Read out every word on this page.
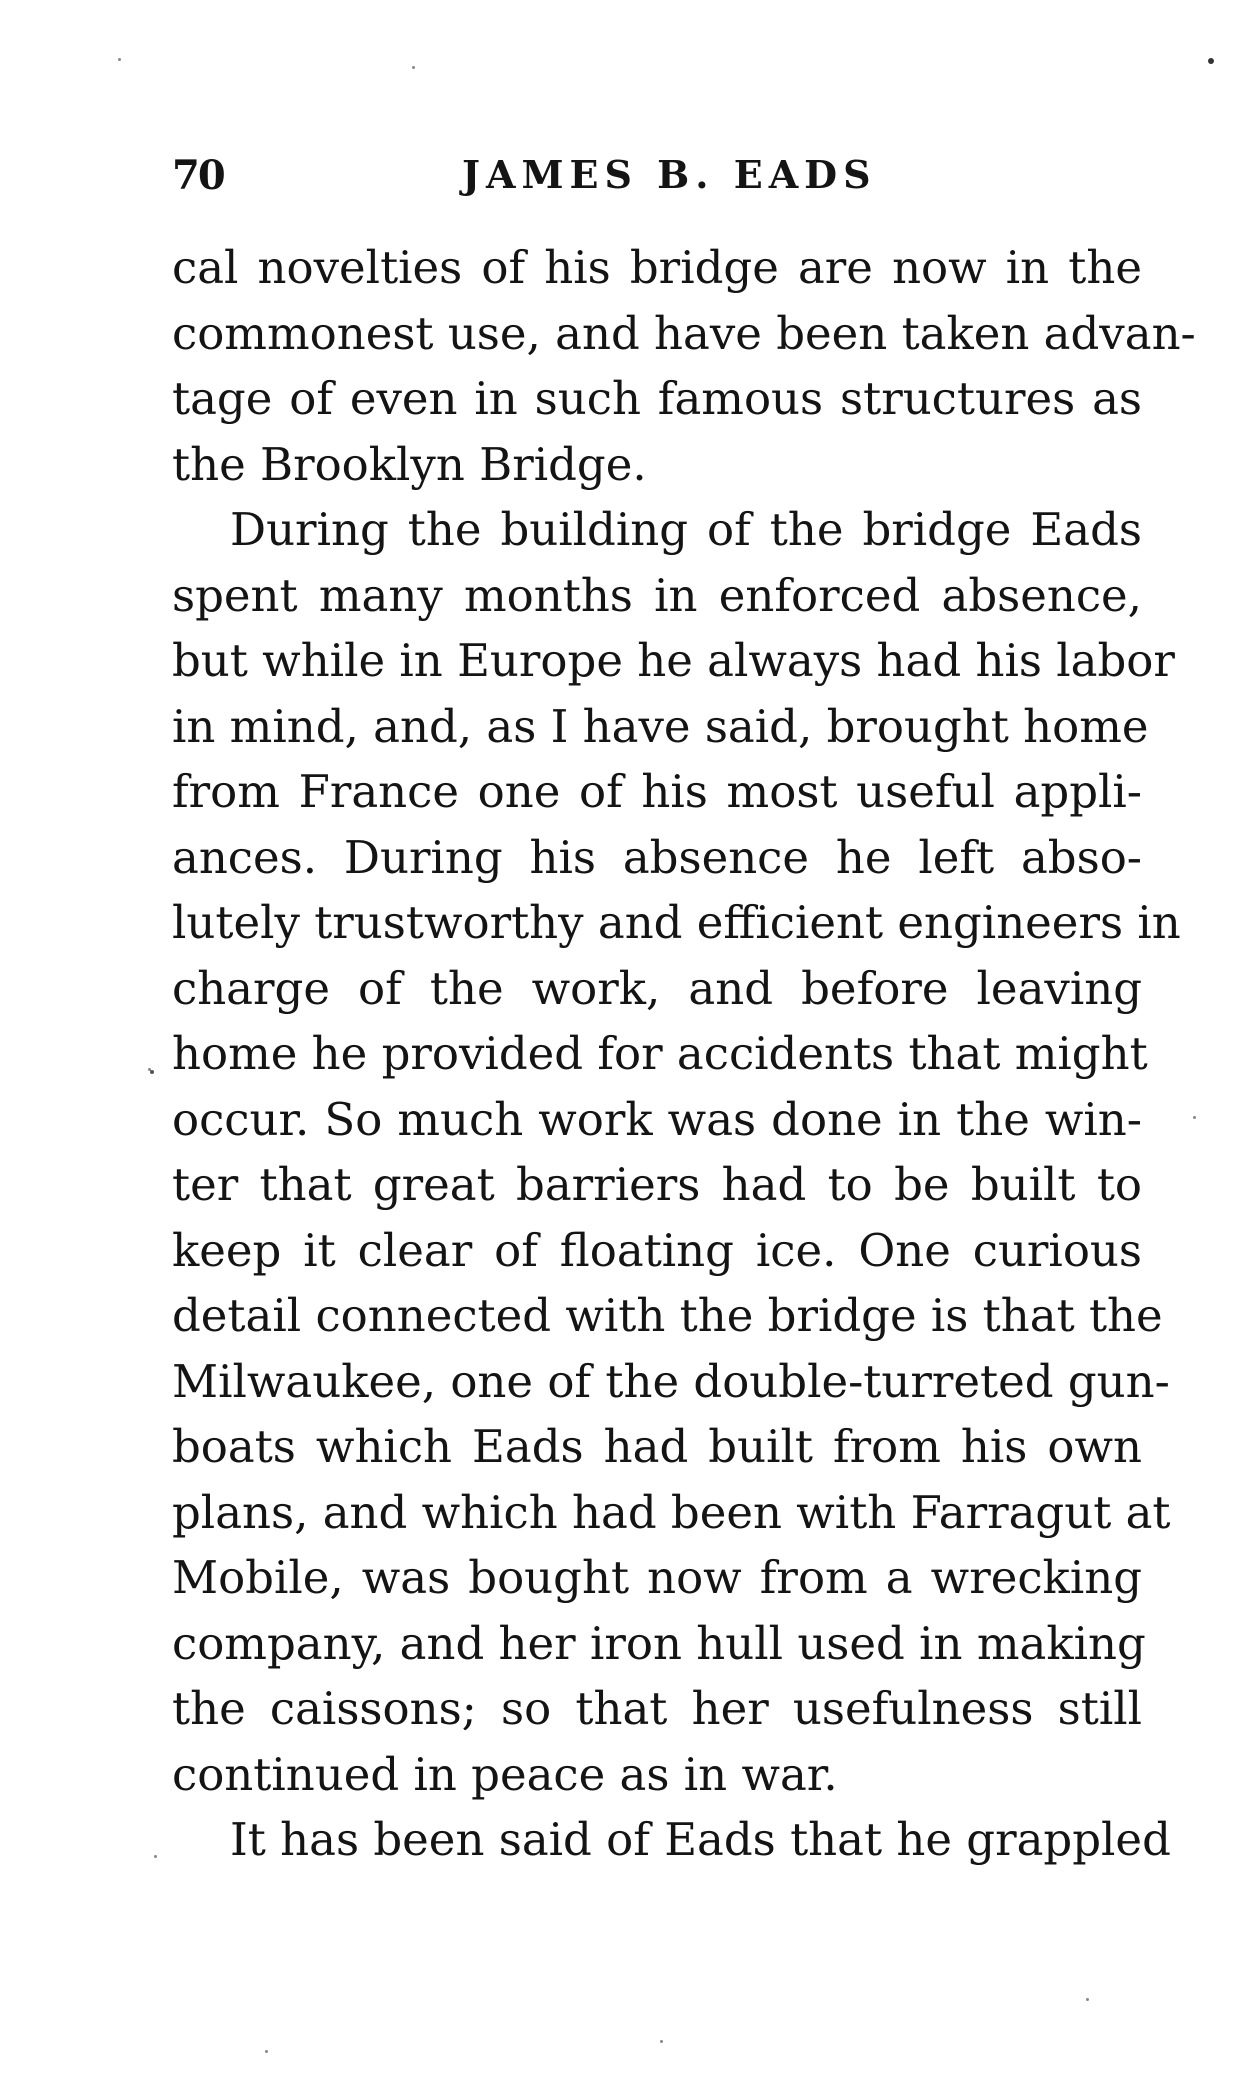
70	JAMES B. EADS
cal novelties of his bridge are now in the
commonest use, and have been taken advan-
tage of even in such famous structures as
the Brooklyn Bridge.
During the building of the bridge Eads
spent many months in enforced absence,
but while in Europe he always had his labor
in mind, and, as I have said, brought home
from France one of his most useful appli-
ances. During his absence he left abso-
lutely trustworthy and efficient engineers in
charge of the work, and before leaving
home he provided for accidents that might
occur. So much work was done in the win-
ter that great barriers had to be built to
keep it clear of floating ice. One curious
detail connected with the bridge is that the
Milwaukee, one of the double-turreted gun-
boats which Eads had built from his own
plans, and which had been with Farragut at
Mobile, was bought now from a wrecking
company, and her iron hull used in making
the caissons; so that her usefulness still
continued in peace as in war.
It has been said of Eads that he grappled
